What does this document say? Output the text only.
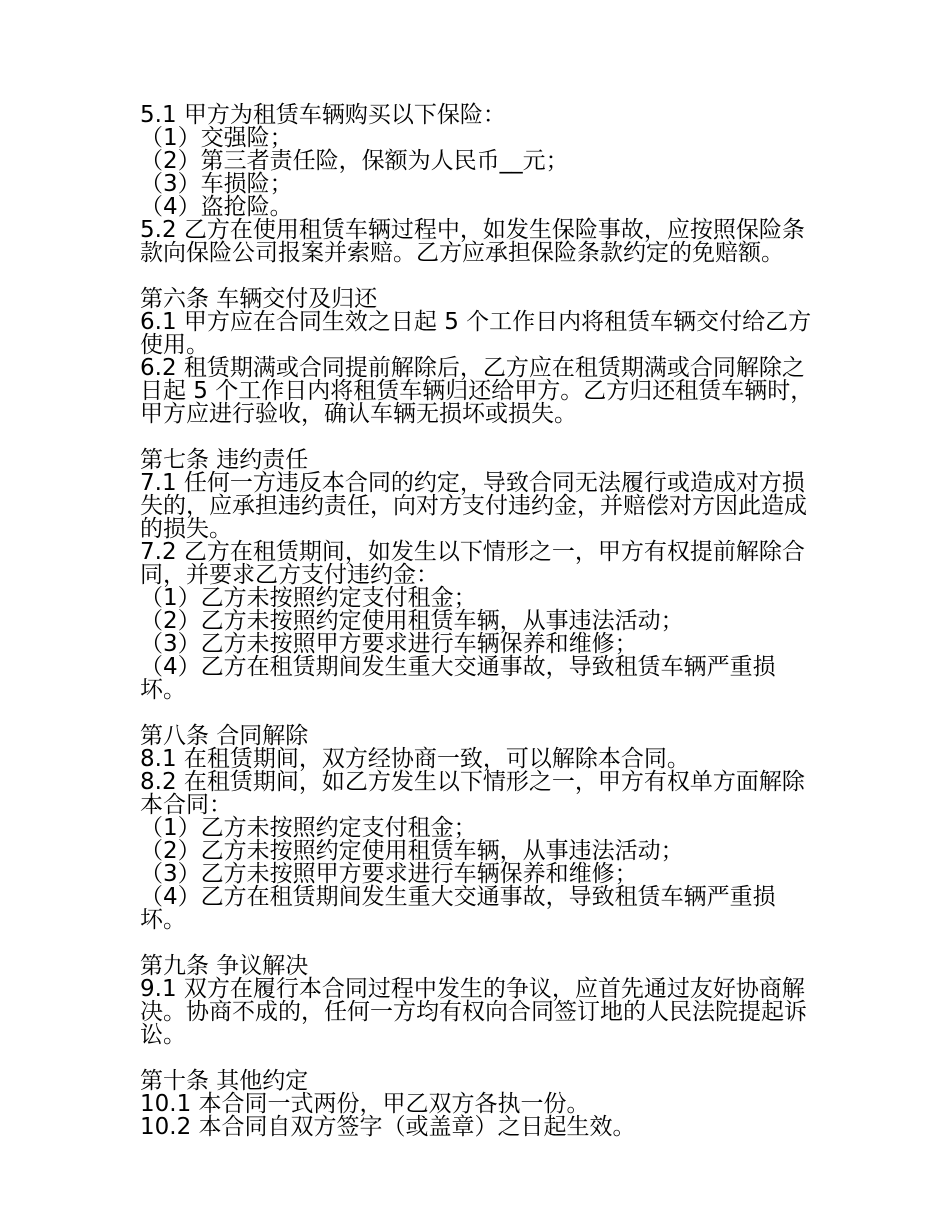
5.1 甲方为租赁车辆购买以下保险：

（1）交强险；

（2）第三者责任险，保额为人民币__元；

（3）车损险；

（4）盗抢险。

5.2 乙方在使用租赁车辆过程中，如发生保险事故，应按照保险条款向保险公司报案并索赔。乙方应承担保险条款约定的免赔额。

第六条 车辆交付及归还

6.1 甲方应在合同生效之日起 5 个工作日内将租赁车辆交付给乙方使用。

6.2 租赁期满或合同提前解除后，乙方应在租赁期满或合同解除之日起 5 个工作日内将租赁车辆归还给甲方。乙方归还租赁车辆时，甲方应进行验收，确认车辆无损坏或损失。

第七条 违约责任

7.1 任何一方违反本合同的约定，导致合同无法履行或造成对方损失的，应承担违约责任，向对方支付违约金，并赔偿对方因此造成的损失。

7.2 乙方在租赁期间，如发生以下情形之一，甲方有权提前解除合同，并要求乙方支付违约金：

（1）乙方未按照约定支付租金；

（2）乙方未按照约定使用租赁车辆，从事违法活动；

（3）乙方未按照甲方要求进行车辆保养和维修；

（4）乙方在租赁期间发生重大交通事故，导致租赁车辆严重损坏。

第八条 合同解除

8.1 在租赁期间，双方经协商一致，可以解除本合同。

8.2 在租赁期间，如乙方发生以下情形之一，甲方有权单方面解除本合同：

（1）乙方未按照约定支付租金；

（2）乙方未按照约定使用租赁车辆，从事违法活动；

（3）乙方未按照甲方要求进行车辆保养和维修；

（4）乙方在租赁期间发生重大交通事故，导致租赁车辆严重损坏。

第九条 争议解决

9.1 双方在履行本合同过程中发生的争议，应首先通过友好协商解决。协商不成的，任何一方均有权向合同签订地的人民法院提起诉讼。

第十条 其他约定

10.1 本合同一式两份，甲乙双方各执一份。

10.2 本合同自双方签字（或盖章）之日起生效。
